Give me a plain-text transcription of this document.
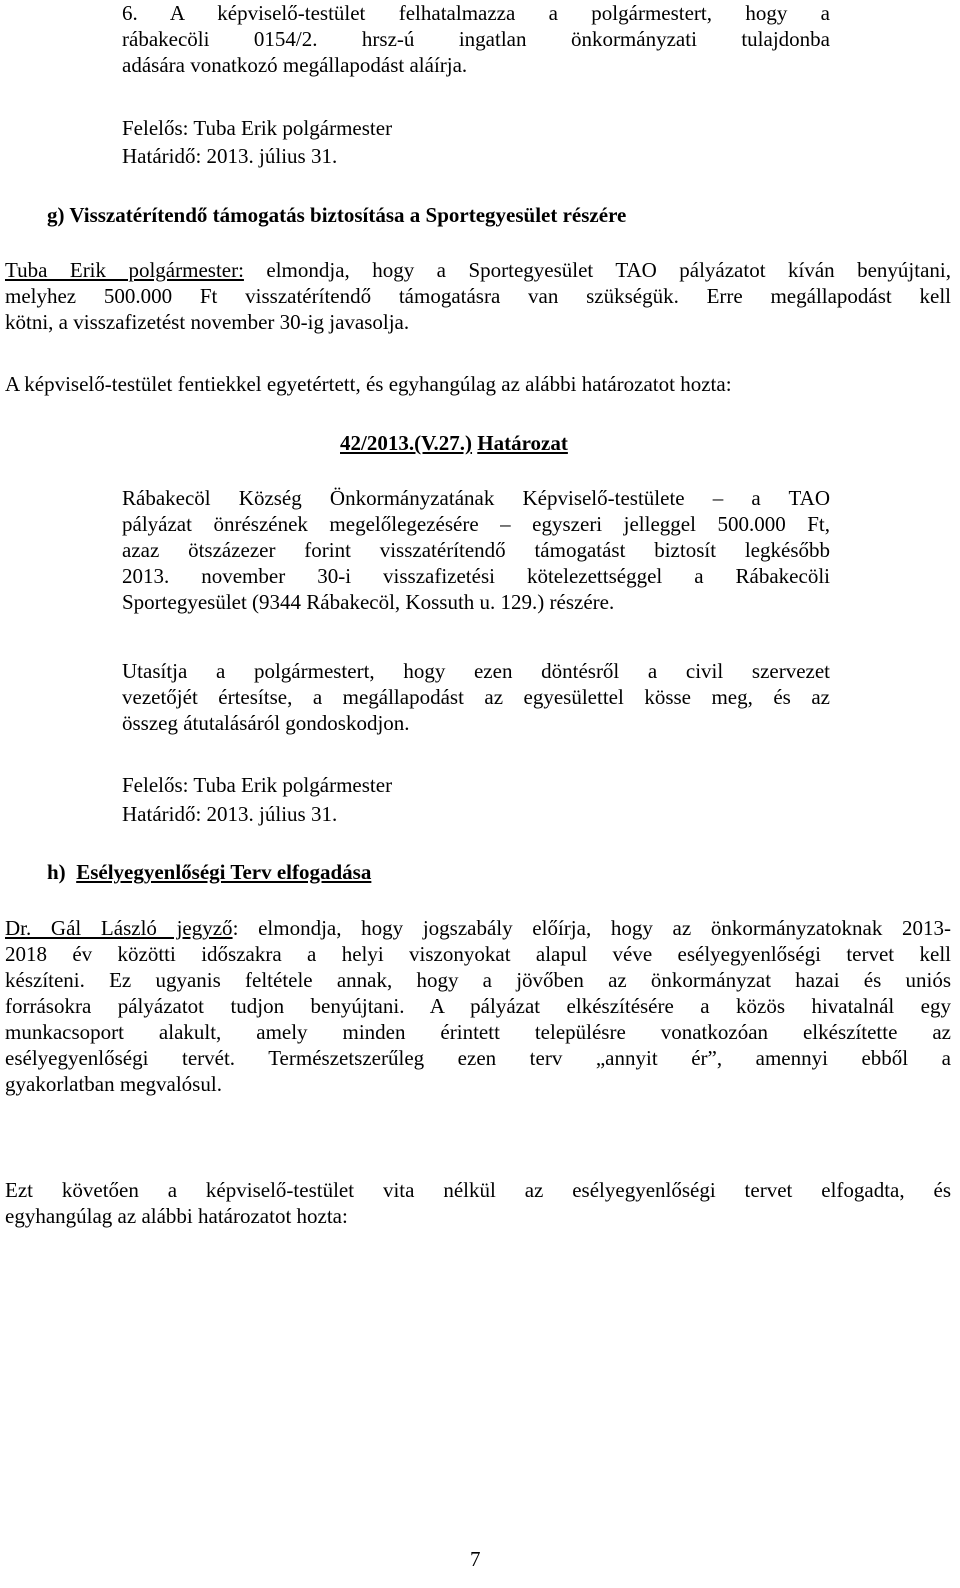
6. A képviselő-testület felhatalmazza a polgármestert, hogy a
rábakecöli 0154/2. hrsz-ú ingatlan önkormányzati tulajdonba
adására vonatkozó megállapodást aláírja.
Felelős: Tuba Erik polgármester
Határidő: 2013. július 31.
g) Visszatérítendő támogatás biztosítása a Sportegyesület részére
Tuba Erik polgármester: elmondja, hogy a Sportegyesület TAO pályázatot kíván benyújtani,
melyhez 500.000 Ft visszatérítendő támogatásra van szükségük. Erre megállapodást kell
kötni, a visszafizetést november 30-ig javasolja.
A képviselő-testület fentiekkel egyetértett, és egyhangúlag az alábbi határozatot hozta:
42/2013.(V.27.) Határozat
Rábakecöl Község Önkormányzatának Képviselő-testülete – a TAO
pályázat önrészének megelőlegezésére – egyszeri jelleggel 500.000 Ft,
azaz ötszázezer forint visszatérítendő támogatást biztosít legkésőbb
2013. november 30-i visszafizetési kötelezettséggel a Rábakecöli
Sportegyesület (9344 Rábakecöl, Kossuth u. 129.) részére.
Utasítja a polgármestert, hogy ezen döntésről a civil szervezet
vezetőjét értesítse, a megállapodást az egyesülettel kösse meg, és az
összeg átutalásáról gondoskodjon.
Felelős: Tuba Erik polgármester
Határidő: 2013. július 31.
h) Esélyegyenlőségi Terv elfogadása
Dr. Gál László jegyző: elmondja, hogy jogszabály előírja, hogy az önkormányzatoknak 2013-
2018 év közötti időszakra a helyi viszonyokat alapul véve esélyegyenlőségi tervet kell
készíteni. Ez ugyanis feltétele annak, hogy a jövőben az önkormányzat hazai és uniós
forrásokra pályázatot tudjon benyújtani. A pályázat elkészítésére a közös hivatalnál egy
munkacsoport alakult, amely minden érintett településre vonatkozóan elkészítette az
esélyegyenlőségi tervét. Természetszerűleg ezen terv „annyit ér”, amennyi ebből a
gyakorlatban megvalósul.
Ezt követően a képviselő-testület vita nélkül az esélyegyenlőségi tervet elfogadta, és
egyhangúlag az alábbi határozatot hozta:
7
